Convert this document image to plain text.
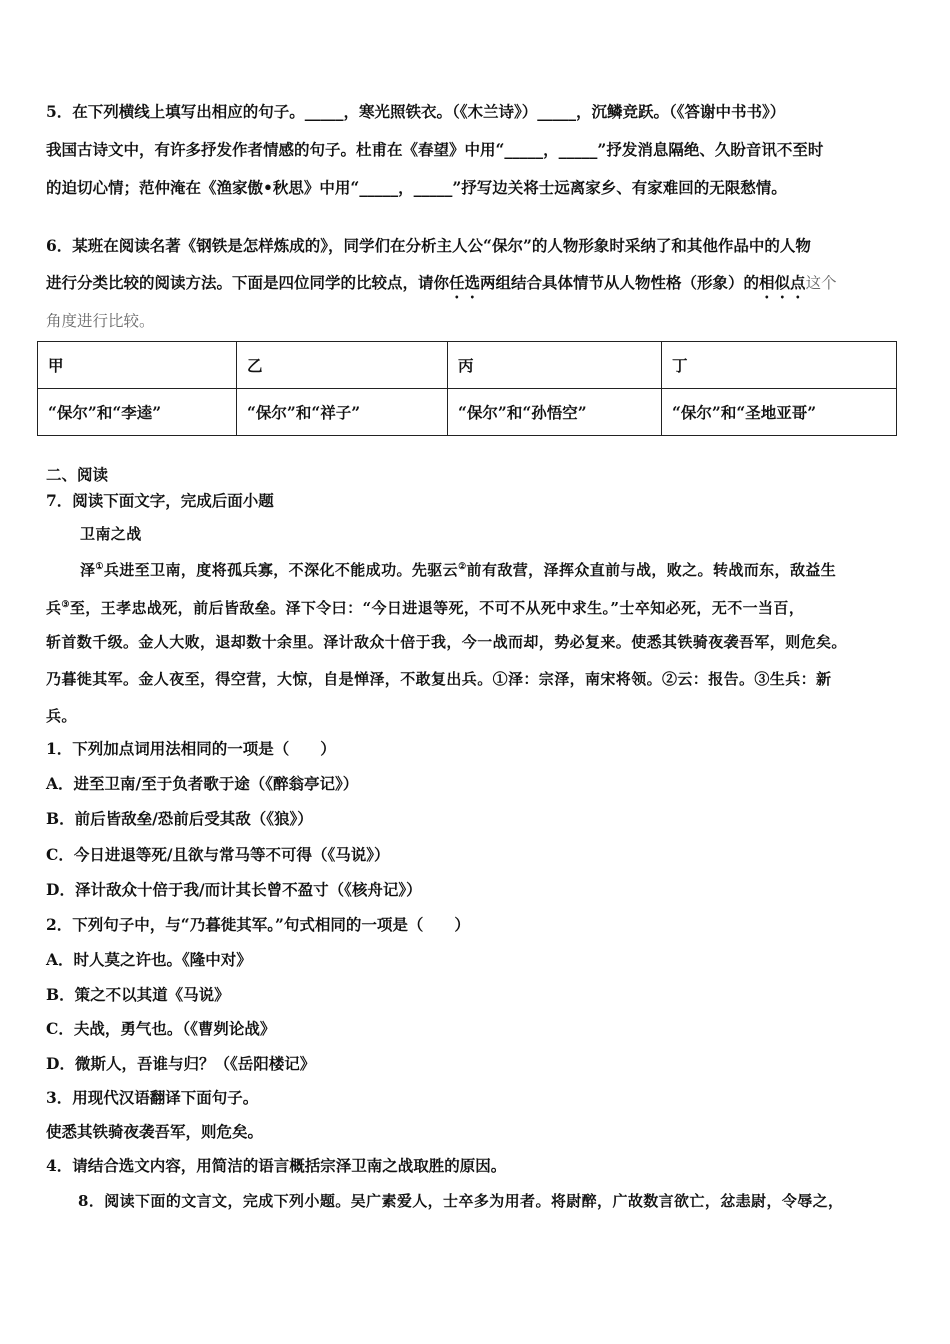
5．在下列横线上填写出相应的句子。_____，寒光照铁衣。（《木兰诗》）_____，沉鳞竞跃。（《答谢中书书》）
我国古诗文中，有许多抒发作者情感的句子。杜甫在《春望》中用“_____，_____”抒发消息隔绝、久盼音讯不至时
的迫切心情；范仲淹在《渔家傲•秋思》中用“_____，_____”抒写边关将士远离家乡、有家难回的无限愁情。
6．某班在阅读名著《钢铁是怎样炼成的》，同学们在分析主人公“保尔”的人物形象时采纳了和其他作品中的人物
进行分类比较的阅读方法。下面是四位同学的比较点，请你任选两组结合具体情节从人物性格（形象）的相似点这个
角度进行比较。
甲	乙	丙	丁
“保尔”和“李逵”	“保尔”和“祥子”	“保尔”和“孙悟空”	“保尔”和“圣地亚哥”
二、阅读
7．阅读下面文字，完成后面小题
卫南之战
泽①兵进至卫南，度将孤兵寡，不深化不能成功。先驱云②前有敌营，泽挥众直前与战，败之。转战而东，敌益生
兵③至，王孝忠战死，前后皆敌垒。泽下令曰：“今日进退等死，不可不从死中求生。”士卒知必死，无不一当百，
斩首数千级。金人大败，退却数十余里。泽计敌众十倍于我，今一战而却，势必复来。使悉其铁骑夜袭吾军，则危矣。
乃暮徙其军。金人夜至，得空营，大惊，自是惮泽，不敢复出兵。①泽：宗泽，南宋将领。②云：报告。③生兵：新
兵。
1．下列加点词用法相同的一项是（　　）
A．进至卫南/至于负者歌于途（《醉翁亭记》）
B．前后皆敌垒/恐前后受其敌（《狼》）
C．今日进退等死/且欲与常马等不可得（《马说》）
D．泽计敌众十倍于我/而计其长曾不盈寸（《核舟记》）
2．下列句子中，与“乃暮徙其军。”句式相同的一项是（　　）
A．时人莫之许也。《隆中对》
B．策之不以其道《马说》
C．夫战，勇气也。（《曹刿论战》
D．微斯人，吾谁与归？（《岳阳楼记》
3．用现代汉语翻译下面句子。
使悉其铁骑夜袭吾军，则危矣。
4．请结合选文内容，用简洁的语言概括宗泽卫南之战取胜的原因。
8．阅读下面的文言文，完成下列小题。吴广素爱人，士卒多为用者。将尉醉，广故数言欲亡，忿恚尉，令辱之，
